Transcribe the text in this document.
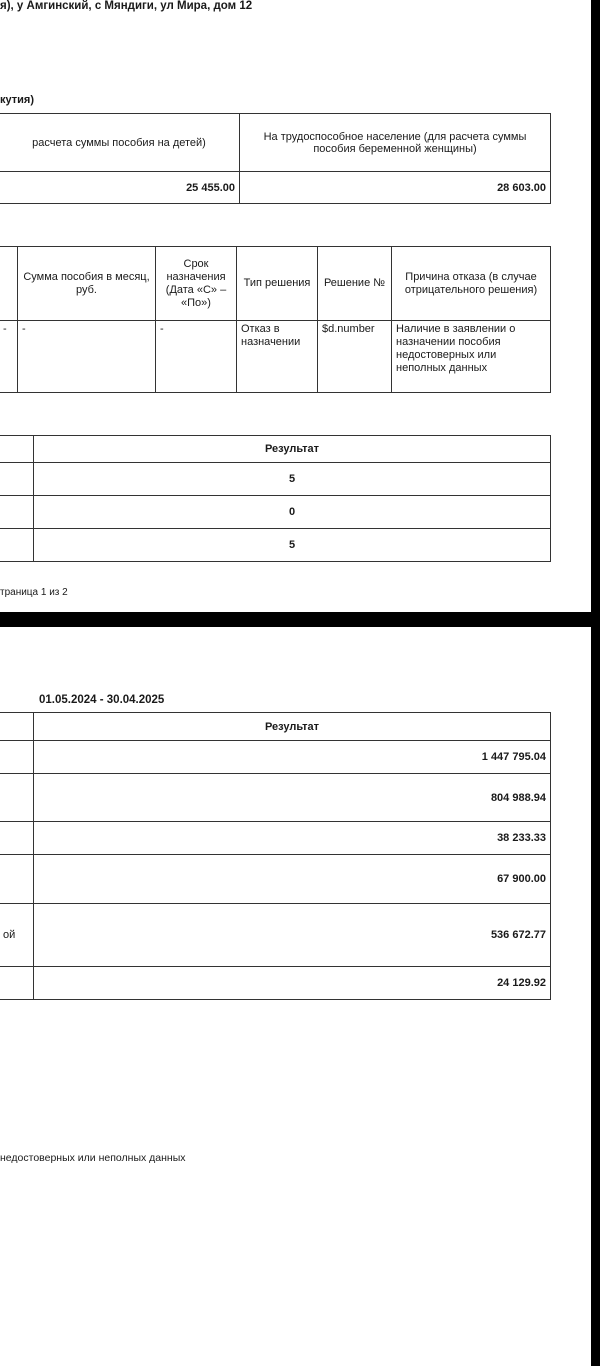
я), у Амгинский, с Мяндиги, ул Мира, дом 12
кутия)
расчета суммы пособия на детей)	На трудоспособное население (для расчета суммы пособия беременной женщины)
25 455.00	28 603.00
	Сумма пособия в месяц, руб.	Срок назначения (Дата «С» – «По»)	Тип решения	Решение №	Причина отказа (в случае отрицательного решения)
-	-	-	Отказ в назначении	$d.number	Наличие в заявлении о назначении пособия недостоверных или неполных данных
	Результат
	5
	0
	5
траница 1 из 2
01.05.2024 - 30.04.2025
	Результат
	1 447 795.04
	804 988.94
	38 233.33
	67 900.00
ой	536 672.77
	24 129.92
недостоверных или неполных данных
